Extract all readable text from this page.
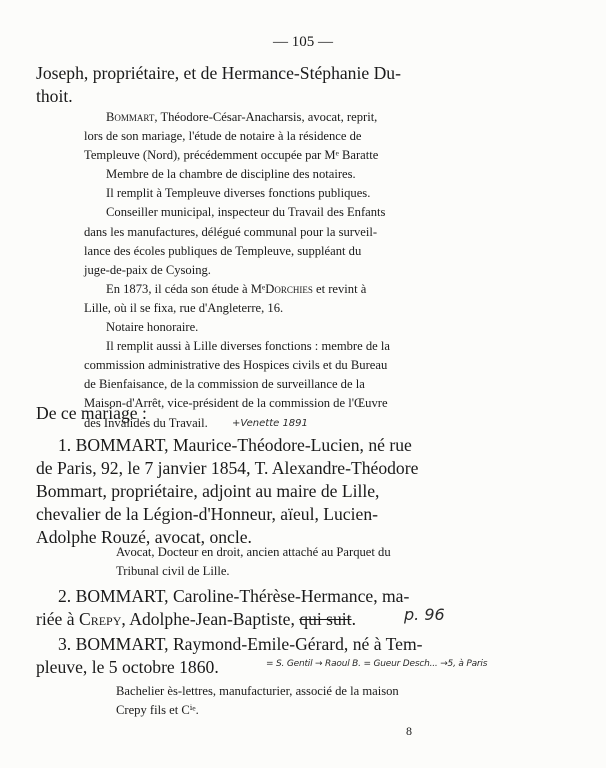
— 105 —

Joseph, propriétaire, et de Hermance-Stéphanie Du-

thoit.

Bommart, Théodore-César-Anacharsis, avocat, reprit,

lors de son mariage, l'étude de notaire à la résidence de

Templeuve (Nord), précédemment occupée par Mᵉ Baratte

Membre de la chambre de discipline des notaires.

Il remplit à Templeuve diverses fonctions publiques.

Conseiller municipal, inspecteur du Travail des Enfants

dans les manufactures, délégué communal pour la surveil-

lance des écoles publiques de Templeuve, suppléant du

juge-de-paix de Cysoing.

En 1873, il céda son étude à MᵉDorchies et revint à

Lille, où il se fixa, rue d'Angleterre, 16.

Notaire honoraire.

Il remplit aussi à Lille diverses fonctions : membre de la

commission administrative des Hospices civils et du Bureau

de Bienfaisance, de la commission de surveillance de la

Maison-d'Arrêt, vice-président de la commission de l'Œuvre

des Invalides du Travail.

De ce mariage :

+Venette 1891

1. BOMMART, Maurice-Théodore-Lucien, né rue

de Paris, 92, le 7 janvier 1854, T. Alexandre-Théodore

Bommart, propriétaire, adjoint au maire de Lille,

chevalier de la Légion-d'Honneur, aïeul, Lucien-

Adolphe Rouzé, avocat, oncle.

Avocat, Docteur en droit, ancien attaché au Parquet du

Tribunal civil de Lille.

2. BOMMART, Caroline-Thérèse-Hermance, ma-

riée à Crepy, Adolphe-Jean-Baptiste, qui suit.	p. 96

3. BOMMART, Raymond-Emile-Gérard, né à Tem-

pleuve, le 5 octobre 1860.	= S. Gentil → Raoul B. = Gueur Desch... →5, à Paris

Bachelier ès-lettres, manufacturier, associé de la maison

Crepy fils et Cⁱᵉ.

8
